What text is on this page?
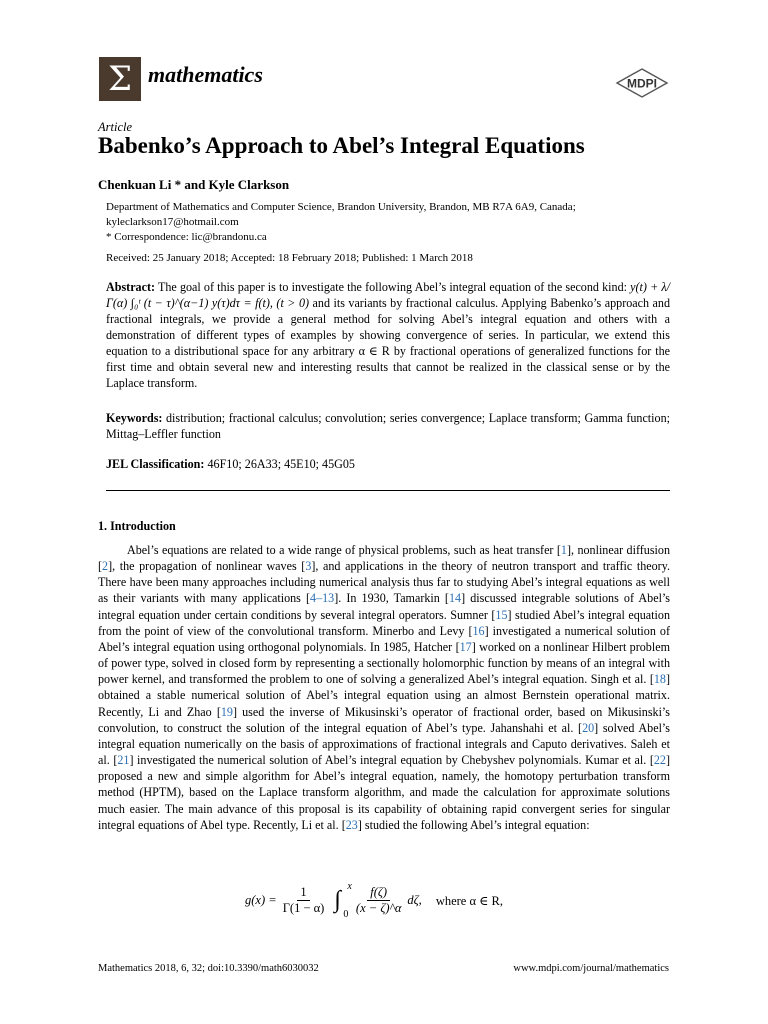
Σ mathematics	MDPI
Article
Babenko’s Approach to Abel’s Integral Equations
Chenkuan Li * and Kyle Clarkson
Department of Mathematics and Computer Science, Brandon University, Brandon, MB R7A 6A9, Canada;
kyleclarkson17@hotmail.com
* Correspondence: lic@brandonu.ca
Received: 25 January 2018; Accepted: 18 February 2018; Published: 1 March 2018

Abstract: The goal of this paper is to investigate the following Abel’s integral equation of the second kind: y(t) + λ/Γ(α) ∫₀ᵗ (t − τ)^(α−1) y(τ)dτ = f(t), (t > 0) and its variants by fractional calculus. Applying Babenko’s approach and fractional integrals, we provide a general method for solving Abel’s integral equation and others with a demonstration of different types of examples by showing convergence of series. In particular, we extend this equation to a distributional space for any arbitrary α ∈ R by fractional operations of generalized functions for the first time and obtain several new and interesting results that cannot be realized in the classical sense or by the Laplace transform.

Keywords: distribution; fractional calculus; convolution; series convergence; Laplace transform; Gamma function; Mittag–Leffler function
JEL Classification: 46F10; 26A33; 45E10; 45G05
1. Introduction

Abel’s equations are related to a wide range of physical problems, such as heat transfer [1], nonlinear diffusion [2], the propagation of nonlinear waves [3], and applications in the theory of neutron transport and traffic theory. There have been many approaches including numerical analysis thus far to studying Abel’s integral equations as well as their variants with many applications [4–13]. In 1930, Tamarkin [14] discussed integrable solutions of Abel’s integral equation under certain conditions by several integral operators. Sumner [15] studied Abel’s integral equation from the point of view of the convolutional transform. Minerbo and Levy [16] investigated a numerical solution of Abel’s integral equation using orthogonal polynomials. In 1985, Hatcher [17] worked on a nonlinear Hilbert problem of power type, solved in closed form by representing a sectionally holomorphic function by means of an integral with power kernel, and transformed the problem to one of solving a generalized Abel’s integral equation. Singh et al. [18] obtained a stable numerical solution of Abel’s integral equation using an almost Bernstein operational matrix. Recently, Li and Zhao [19] used the inverse of Mikusinski’s operator of fractional order, based on Mikusinski’s convolution, to construct the solution of the integral equation of Abel’s type. Jahanshahi et al. [20] solved Abel’s integral equation numerically on the basis of approximations of fractional integrals and Caputo derivatives. Saleh et al. [21] investigated the numerical solution of Abel’s integral equation by Chebyshev polynomials. Kumar et al. [22] proposed a new and simple algorithm for Abel’s integral equation, namely, the homotopy perturbation transform method (HPTM), based on the Laplace transform algorithm, and made the calculation for approximate solutions much easier. The main advance of this proposal is its capability of obtaining rapid convergent series for singular integral equations of Abel type. Recently, Li et al. [23] studied the following Abel’s integral equation:

$g(x) = \frac{1}{\Gamma(1 - \alpha)}$ ∫
x
$0 \frac{f(\zeta)}{(x - \zeta)\^{}\alpha} d\zeta$, where α ∈ R,
Mathematics 2018, 6, 32; doi:10.3390/math6030032	www.mdpi.com/journal/mathematics
